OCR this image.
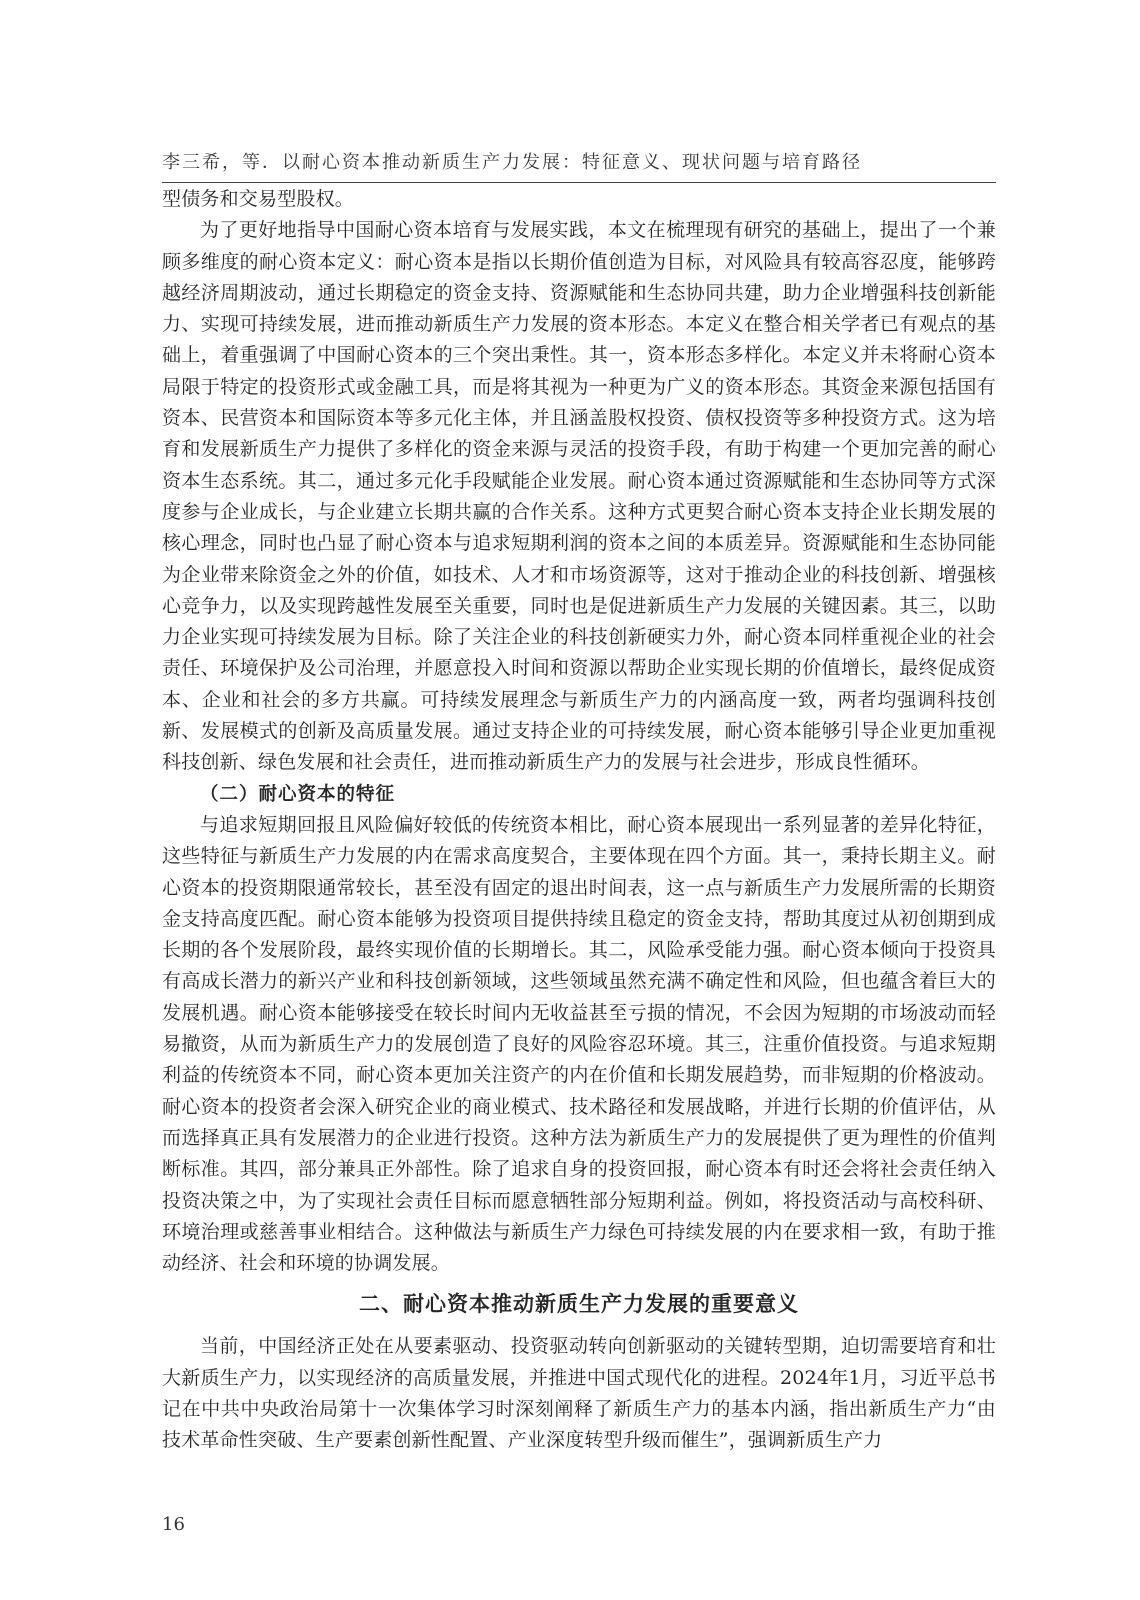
李三希，等．以耐心资本推动新质生产力发展：特征意义、现状问题与培育路径

型债务和交易型股权。

为了更好地指导中国耐心资本培育与发展实践，本文在梳理现有研究的基础上，提出了一个兼顾多维度的耐心资本定义：耐心资本是指以长期价值创造为目标，对风险具有较高容忍度，能够跨越经济周期波动，通过长期稳定的资金支持、资源赋能和生态协同共建，助力企业增强科技创新能力、实现可持续发展，进而推动新质生产力发展的资本形态。本定义在整合相关学者已有观点的基础上，着重强调了中国耐心资本的三个突出秉性。其一，资本形态多样化。本定义并未将耐心资本局限于特定的投资形式或金融工具，而是将其视为一种更为广义的资本形态。其资金来源包括国有资本、民营资本和国际资本等多元化主体，并且涵盖股权投资、债权投资等多种投资方式。这为培育和发展新质生产力提供了多样化的资金来源与灵活的投资手段，有助于构建一个更加完善的耐心资本生态系统。其二，通过多元化手段赋能企业发展。耐心资本通过资源赋能和生态协同等方式深度参与企业成长，与企业建立长期共赢的合作关系。这种方式更契合耐心资本支持企业长期发展的核心理念，同时也凸显了耐心资本与追求短期利润的资本之间的本质差异。资源赋能和生态协同能为企业带来除资金之外的价值，如技术、人才和市场资源等，这对于推动企业的科技创新、增强核心竞争力，以及实现跨越性发展至关重要，同时也是促进新质生产力发展的关键因素。其三，以助力企业实现可持续发展为目标。除了关注企业的科技创新硬实力外，耐心资本同样重视企业的社会责任、环境保护及公司治理，并愿意投入时间和资源以帮助企业实现长期的价值增长，最终促成资本、企业和社会的多方共赢。可持续发展理念与新质生产力的内涵高度一致，两者均强调科技创新、发展模式的创新及高质量发展。通过支持企业的可持续发展，耐心资本能够引导企业更加重视科技创新、绿色发展和社会责任，进而推动新质生产力的发展与社会进步，形成良性循环。

（二）耐心资本的特征

与追求短期回报且风险偏好较低的传统资本相比，耐心资本展现出一系列显著的差异化特征，这些特征与新质生产力发展的内在需求高度契合，主要体现在四个方面。其一，秉持长期主义。耐心资本的投资期限通常较长，甚至没有固定的退出时间表，这一点与新质生产力发展所需的长期资金支持高度匹配。耐心资本能够为投资项目提供持续且稳定的资金支持，帮助其度过从初创期到成长期的各个发展阶段，最终实现价值的长期增长。其二，风险承受能力强。耐心资本倾向于投资具有高成长潜力的新兴产业和科技创新领域，这些领域虽然充满不确定性和风险，但也蕴含着巨大的发展机遇。耐心资本能够接受在较长时间内无收益甚至亏损的情况，不会因为短期的市场波动而轻易撤资，从而为新质生产力的发展创造了良好的风险容忍环境。其三，注重价值投资。与追求短期利益的传统资本不同，耐心资本更加关注资产的内在价值和长期发展趋势，而非短期的价格波动。耐心资本的投资者会深入研究企业的商业模式、技术路径和发展战略，并进行长期的价值评估，从而选择真正具有发展潜力的企业进行投资。这种方法为新质生产力的发展提供了更为理性的价值判断标准。其四，部分兼具正外部性。除了追求自身的投资回报，耐心资本有时还会将社会责任纳入投资决策之中，为了实现社会责任目标而愿意牺牲部分短期利益。例如，将投资活动与高校科研、环境治理或慈善事业相结合。这种做法与新质生产力绿色可持续发展的内在要求相一致，有助于推动经济、社会和环境的协调发展。

二、耐心资本推动新质生产力发展的重要意义

当前，中国经济正处在从要素驱动、投资驱动转向创新驱动的关键转型期，迫切需要培育和壮大新质生产力，以实现经济的高质量发展，并推进中国式现代化的进程。2024年1月，习近平总书记在中共中央政治局第十一次集体学习时深刻阐释了新质生产力的基本内涵，指出新质生产力“由技术革命性突破、生产要素创新性配置、产业深度转型升级而催生”，强调新质生产力

16
